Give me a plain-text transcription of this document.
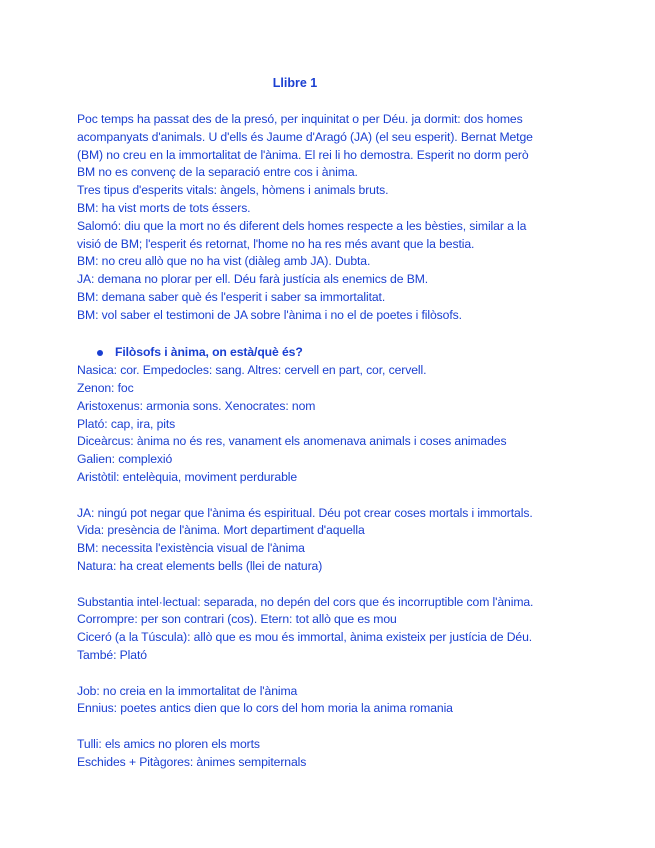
Llibre 1
Poc temps ha passat des de la presó, per inquinitat o per Déu. ja dormit: dos homes
acompanyats d'animals. U d'ells és Jaume d'Aragó (JA) (el seu esperit). Bernat Metge
(BM) no creu en la immortalitat de l'ànima. El rei li ho demostra. Esperit no dorm però
BM no es convenç de la separació entre cos i ànima.
Tres tipus d'esperits vitals: àngels, hòmens i animals bruts.
BM: ha vist morts de tots éssers.
Salomó: diu que la mort no és diferent dels homes respecte a les bèsties, similar a la
visió de BM; l'esperit és retornat, l'home no ha res més avant que la bestia.
BM: no creu allò que no ha vist (diàleg amb JA). Dubta.
JA: demana no plorar per ell. Déu farà justícia als enemics de BM.
BM: demana saber què és l'esperit i saber sa immortalitat.
BM: vol saber el testimoni de JA sobre l'ànima i no el de poetes i filòsofs.
Filòsofs i ànima, on està/què és?
Nasica: cor. Empedocles: sang. Altres: cervell en part, cor, cervell.
Zenon: foc
Aristoxenus: armonia sons. Xenocrates: nom
Plató: cap, ira, pits
Diceàrcus: ànima no és res, vanament els anomenava animals i coses animades
Galien: complexió
Aristòtil: entelèquia, moviment perdurable
JA: ningú pot negar que l'ànima és espiritual. Déu pot crear coses mortals i immortals.
Vida: presència de l'ànima. Mort departiment d'aquella
BM: necessita l'existència visual de l'ànima
Natura: ha creat elements bells (llei de natura)
Substantia intel·lectual: separada, no depén del cors que és incorruptible com l'ànima.
Corrompre: per son contrari (cos). Etern: tot allò que es mou
Ciceró (a la Túscula): allò que es mou és immortal, ànima existeix per justícia de Déu.
També: Plató
Job: no creia en la immortalitat de l'ànima
Ennius: poetes antics dien que lo cors del hom moria la anima romania
Tulli: els amics no ploren els morts
Eschides + Pitàgores: ànimes sempiternals
